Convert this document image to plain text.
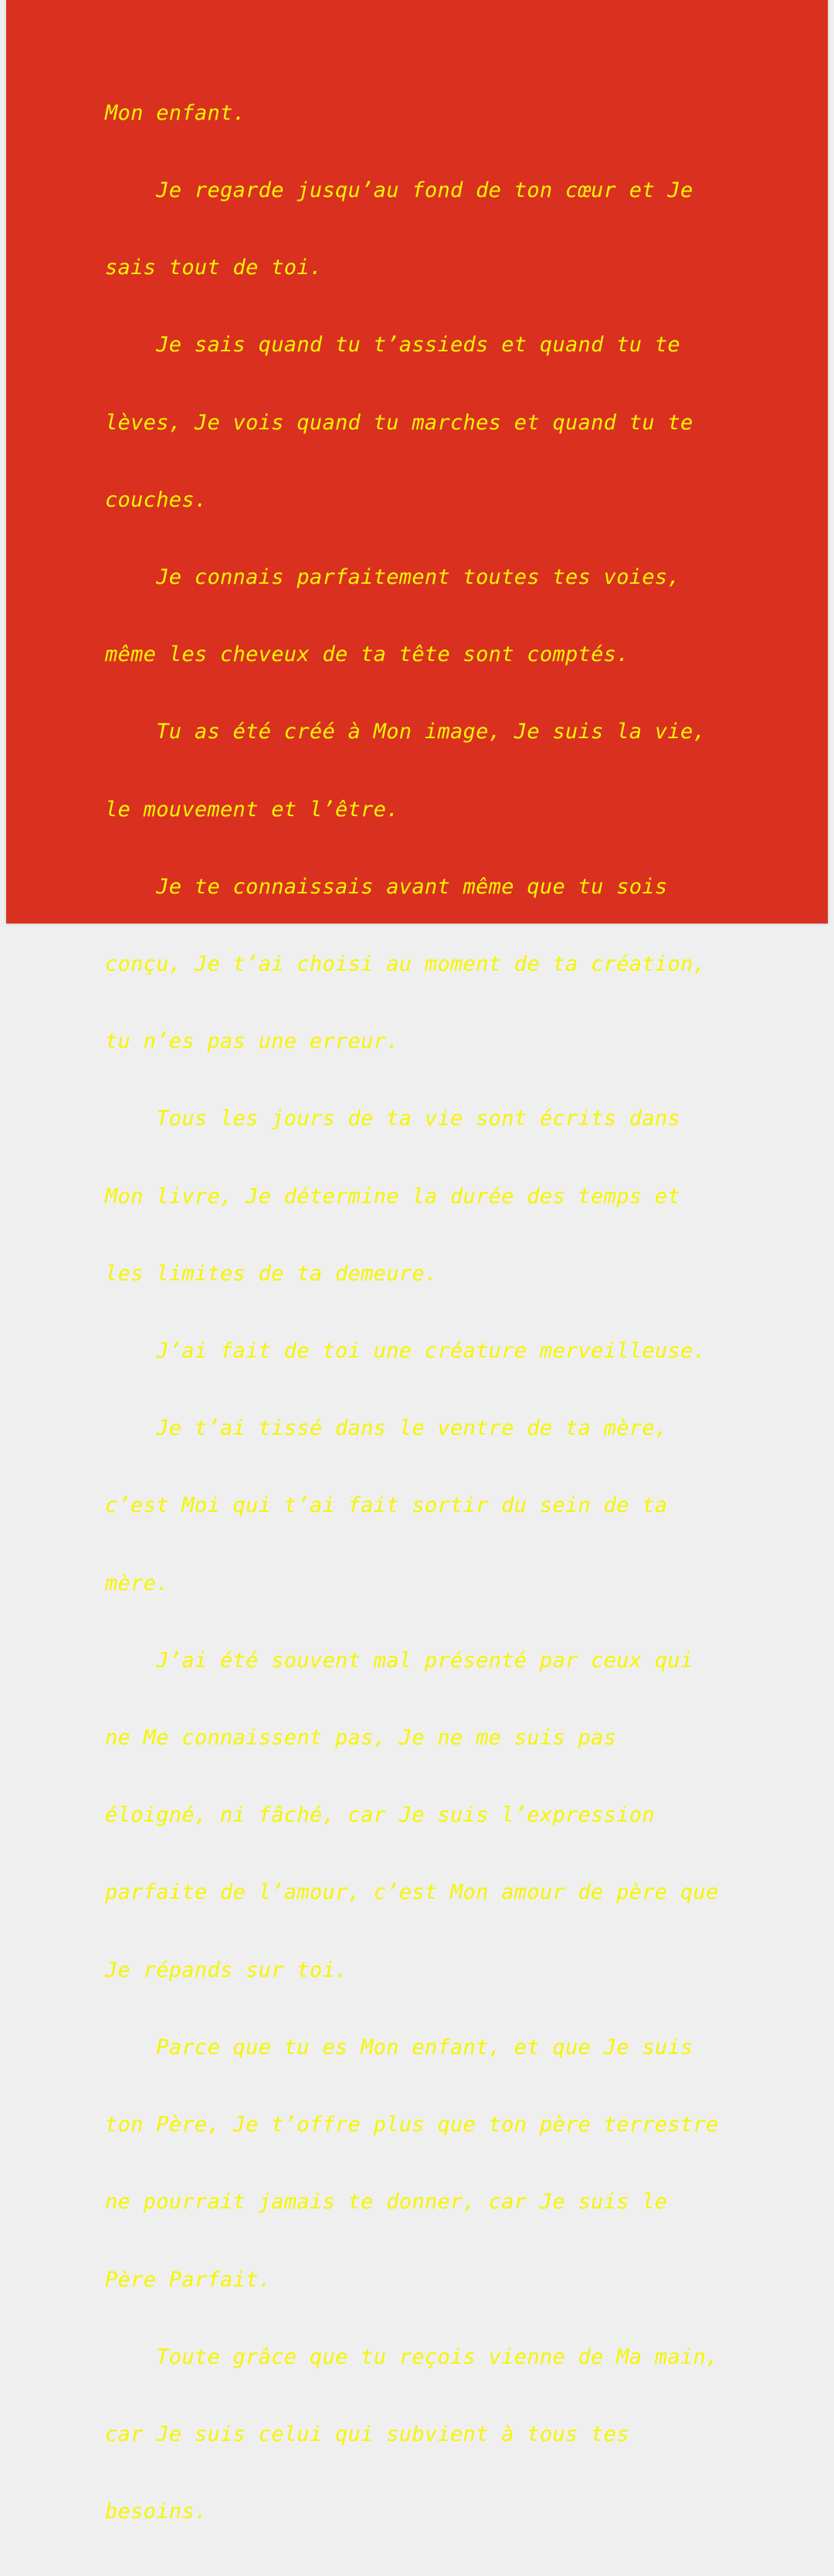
Mon enfant.

Je regarde jusqu’au fond de ton cœur et Je

sais tout de toi.

Je sais quand tu t’assieds et quand tu te

lèves, Je vois quand tu marches et quand tu te

couches.

Je connais parfaitement toutes tes voies,

même les cheveux de ta tête sont comptés.

Tu as été créé à Mon image, Je suis la vie,

le mouvement et l’être.

Je te connaissais avant même que tu sois

conçu, Je t’ai choisi au moment de ta création,

tu n’es pas une erreur.

Tous les jours de ta vie sont écrits dans

Mon livre, Je détermine la durée des temps et

les limites de ta demeure.

J’ai fait de toi une créature merveilleuse.

Je t’ai tissé dans le ventre de ta mère,

c’est Moi qui t’ai fait sortir du sein de ta

mère.

J’ai été souvent mal présenté par ceux qui

ne Me connaissent pas, Je ne me suis pas

éloigné, ni fâché, car Je suis l’expression

parfaite de l’amour, c’est Mon amour de père que

Je répands sur toi.

Parce que tu es Mon enfant, et que Je suis

ton Père, Je t’offre plus que ton père terrestre

ne pourrait jamais te donner, car Je suis le

Père Parfait.

Toute grâce que tu reçois vienne de Ma main,

car Je suis celui qui subvient à tous tes

besoins.
